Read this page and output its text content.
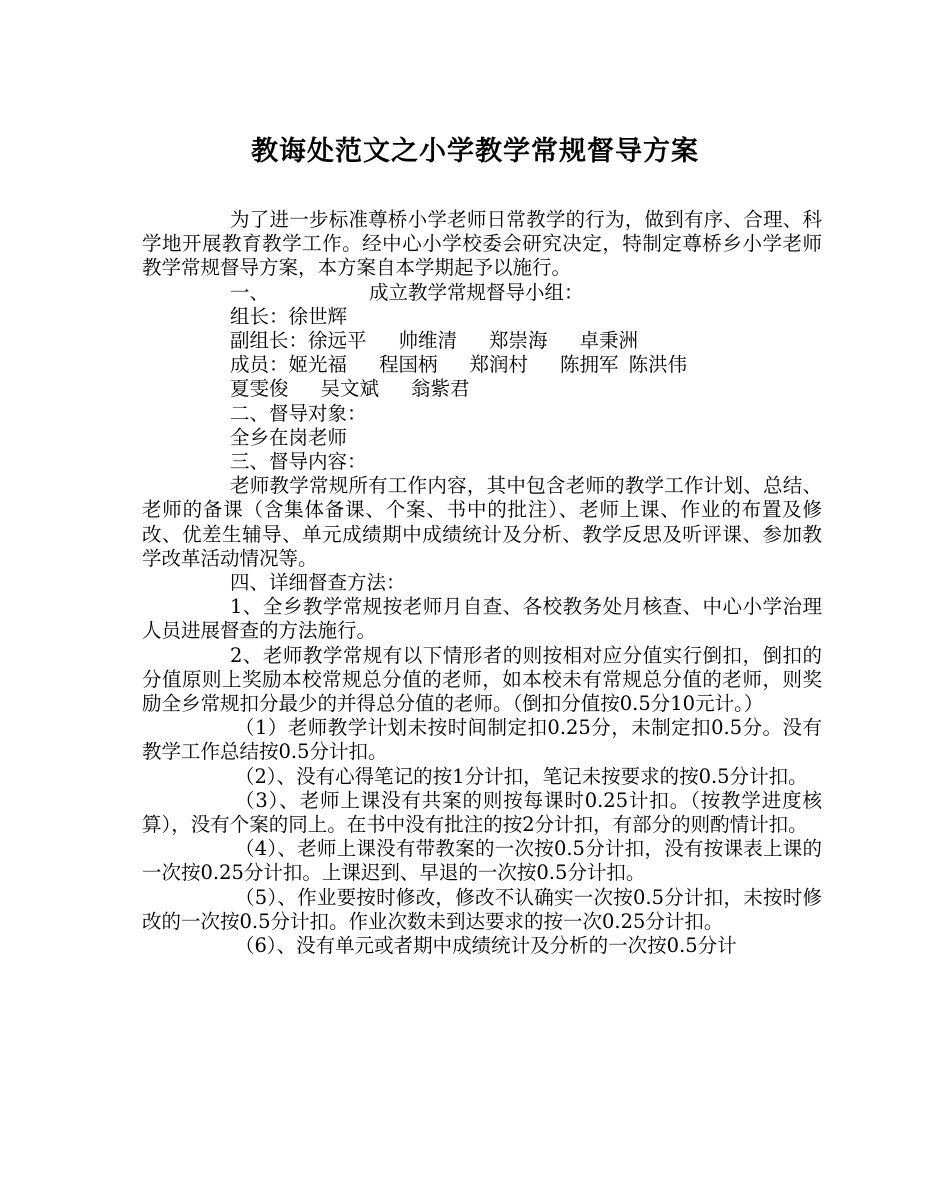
教诲处范文之小学教学常规督导方案

为了进一步标准尊桥小学老师日常教学的行为，做到有序、合理、科学地开展教育教学工作。经中心小学校委会研究决定，特制定尊桥乡小学老师教学常规督导方案，本方案自本学期起予以施行。

一、	成立教学常规督导小组：

组长：徐世辉

副组长：徐远平 帅维清 郑崇海 卓秉洲

成员：姬光福 程国柄 郑润村 陈拥军 陈洪伟

夏雯俊 吴文斌 翁紫君

二、督导对象：

全乡在岗老师

三、督导内容：

老师教学常规所有工作内容，其中包含老师的教学工作计划、总结、老师的备课（含集体备课、个案、书中的批注）、老师上课、作业的布置及修改、优差生辅导、单元成绩期中成绩统计及分析、教学反思及听评课、参加教学改革活动情况等。

四、详细督查方法：

1、全乡教学常规按老师月自查、各校教务处月核查、中心小学治理人员进展督查的方法施行。

2、老师教学常规有以下情形者的则按相对应分值实行倒扣，倒扣的分值原则上奖励本校常规总分值的老师，如本校未有常规总分值的老师，则奖励全乡常规扣分最少的并得总分值的老师。（倒扣分值按0.5分10元计。）

（1）老师教学计划未按时间制定扣0.25分，未制定扣0.5分。没有教学工作总结按0.5分计扣。

（2）、没有心得笔记的按1分计扣，笔记未按要求的按0.5分计扣。

（3）、老师上课没有共案的则按每课时0.25计扣。（按教学进度核算），没有个案的同上。在书中没有批注的按2分计扣，有部分的则酌情计扣。

（4）、老师上课没有带教案的一次按0.5分计扣，没有按课表上课的一次按0.25分计扣。上课迟到、早退的一次按0.5分计扣。

（5）、作业要按时修改，修改不认确实一次按0.5分计扣，未按时修改的一次按0.5分计扣。作业次数未到达要求的按一次0.25分计扣。

（6）、没有单元或者期中成绩统计及分析的一次按0.5分计
